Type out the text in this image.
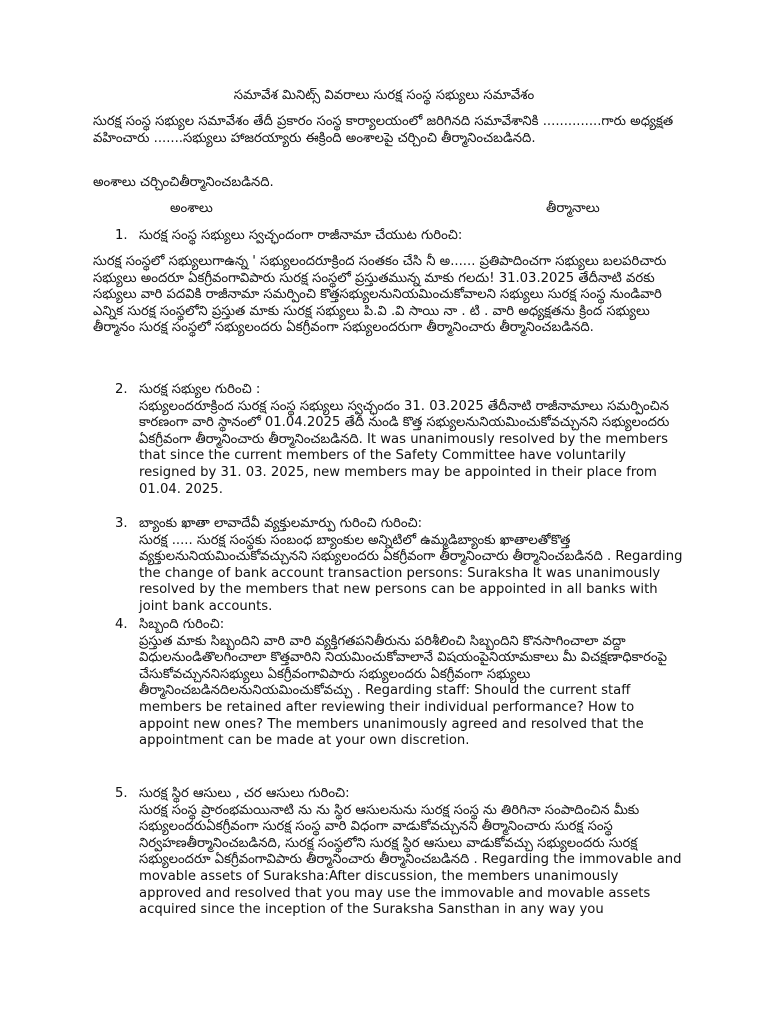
సమావేశ మినిట్స్ వివరాలు సురక్ష సంస్థ సభ్యులు సమావేశం

సురక్ష సంస్థ సభ్యుల సమావేశం తేదీ ప్రకారం సంస్థ కార్యాలయంలో జరిగినది సమావేశానికి ..............గారు అధ్యక్షత వహించారు .......సభ్యులు హాజరయ్యారు ఈక్రింది అంశాలపై చర్చించి తీర్మానించబడినది.

అంశాలు చర్చించితీర్మానించబడినది.

అంశాలు	తీర్మానాలు
1. సురక్ష సంస్థ సభ్యులు స్వచ్ఛందంగా రాజీనామా చేయుట గురించి:

సురక్ష సంస్థలో సభ్యులుగాఉన్న ' సభ్యులందరూక్రింద సంతకం చేసి నీ అ...... ప్రతిపాదించగా సభ్యులు బలపరిచారు సభ్యులు అందరూ ఏకగ్రీవంగావిపారు సురక్ష సంస్థలో ప్రస్తుతమున్న మాకు గలదు! 31.03.2025 తేదీనాటి వరకు సభ్యులు వారి పదవికి రాజీనామా సమర్పించి కొత్తసభ్యులనునియమించుకోవాలని సభ్యులు సురక్ష సంస్థ నుండివారి ఎన్నిక సురక్ష సంస్థలోని ప్రస్తుత మాకు సురక్ష సభ్యులు పి.వి .వి సాయి నా . టి . వారి అధ్యక్షతను క్రింద సభ్యులు తీర్మానం సురక్ష సంస్థలో సభ్యులందరు ఏకగ్రీవంగా సభ్యులందరుగా తీర్మానించారు తీర్మానించబడినది.

2. సురక్ష సభ్యుల గురించి :

సభ్యులందరూక్రింద సురక్ష సంస్థ సభ్యులు స్వచ్ఛందం 31. 03.2025 తేదీనాటి రాజీనామాలు సమర్పించిన కారణంగా వారి స్థానంలో 01.04.2025 తేదీ నుండి కొత్త సభ్యులనునియమించుకోవచ్చునని సభ్యులందరు ఏకగ్రీవంగా తీర్మానించారు తీర్మానించబడినది. It was unanimously resolved by the members that since the current members of the Safety Committee have voluntarily resigned by 31. 03. 2025, new members may be appointed in their place from 01.04. 2025.

3. బ్యాంకు ఖాతా లావాదేవీ వ్యక్తులమార్పు గురించి గురించి:

సురక్ష ..... సురక్ష సంస్థకు సంబంధ బ్యాంకుల అన్నిటిలో ఉమ్మడిబ్యాంకు ఖాతాలతోకొత్త వ్యక్తులనునియమించుకోవచ్చునని సభ్యులందరు ఏకగ్రీవంగా తీర్మానించారు తీర్మానించబడినది . Regarding the change of bank account transaction persons: Suraksha It was unanimously resolved by the members that new persons can be appointed in all banks with joint bank accounts.

4. సిబ్బంది గురించి:

ప్రస్తుత మాకు సిబ్బందిని వారి వారి వ్యక్తిగతపనితీరును పరిశీలించి సిబ్బందిని కొనసాగించాలా వద్దా విధులనుండితొలగించాలా కొత్తవారిని నియమించుకోవాలానే విషయంపైనియామకాలు మీ విచక్షణాధికారంపై చేసుకోవచ్చుననిసభ్యులు ఏకగ్రీవంగావిపారు సభ్యులందరు ఏకగ్రీవంగా సభ్యులు తీర్మానించబడినదిలనునియమించుకోవచ్చు . Regarding staff: Should the current staff members be retained after reviewing their individual performance? How to appoint new ones? The members unanimously agreed and resolved that the appointment can be made at your own discretion.

5. సురక్ష స్థిర ఆసులు , చర ఆసులు గురించి:

సురక్ష సంస్థ ప్రారంభమయినాటి ను ను స్థిర ఆసులనును సురక్ష సంస్థ ను తిరిగినా సంపాదించిన మీకు సభ్యులందరుఏకగ్రీవంగా సురక్ష సంస్థ వారి విధంగా వాడుకోవచ్చునని తీర్మానించారు సురక్ష సంస్థ నిర్వహణతీర్మానించబడినది, సురక్ష సంస్థలోని సురక్ష స్థిర ఆసులు వాడుకోవచ్చు సభ్యులందరు సురక్ష సభ్యులందరూ ఏకగ్రీవంగావిపారు తీర్మానించారు తీర్మానించబడినది . Regarding the immovable and movable assets of Suraksha:After discussion, the members unanimously approved and resolved that you may use the immovable and movable assets acquired since the inception of the Suraksha Sansthan in any way you
